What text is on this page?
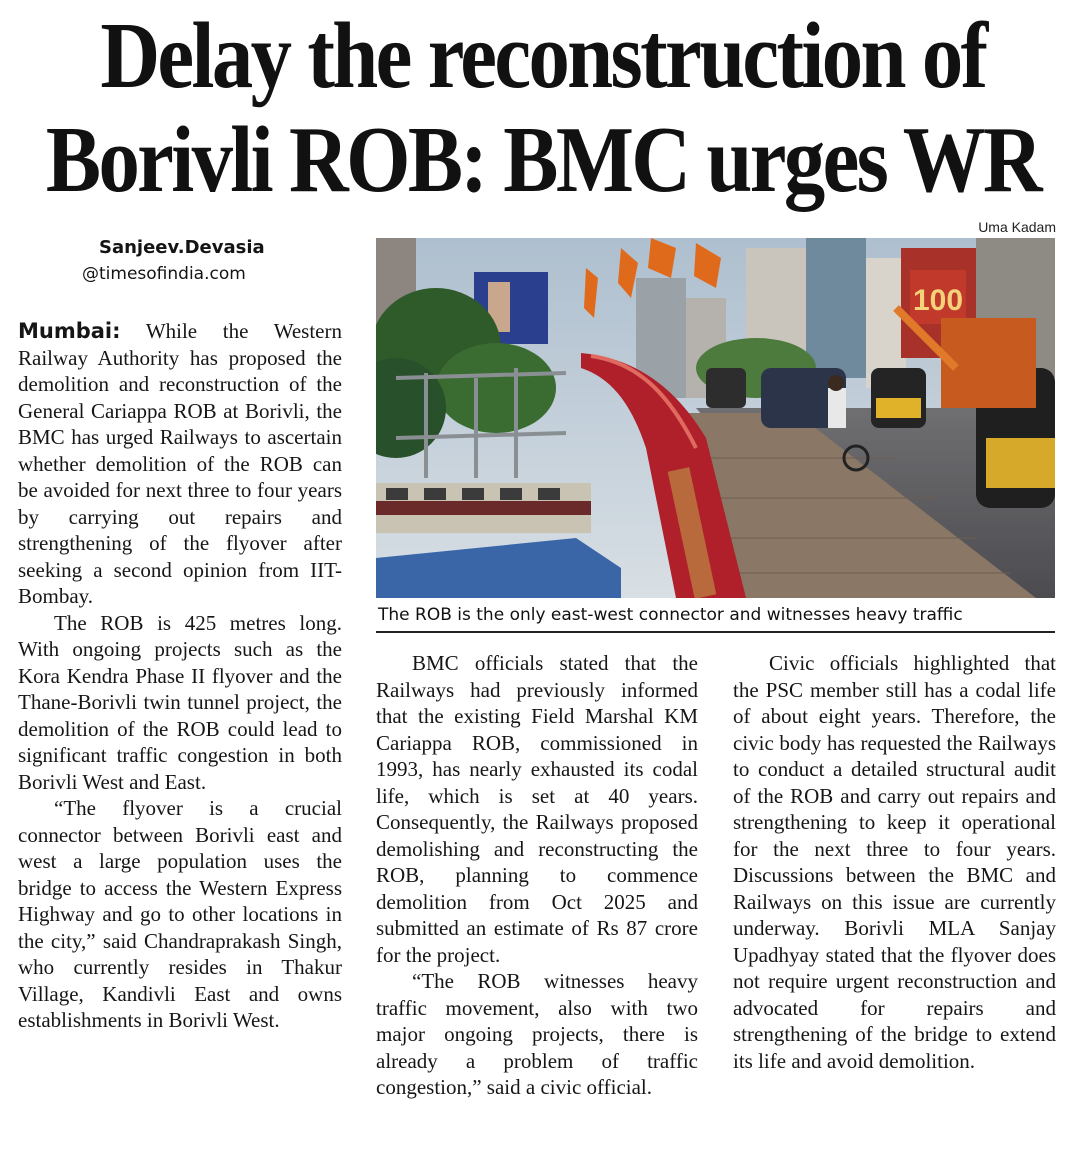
Delay the reconstruction of
Borivli ROB: BMC urges WR
Uma Kadam
Sanjeev.Devasia
@timesofindia.com
100
The ROB is the only east-west connector and witnesses heavy traffic

Mumbai: While the Western Railway Authority has proposed the demolition and reconstruction of the General Cariappa ROB at Borivli, the BMC has urged Railways to ascertain whether demolition of the ROB can be avoided for next three to four years by carrying out repairs and strengthening of the flyover after seeking a second opinion from IIT-Bombay.

The ROB is 425 metres long. With ongoing projects such as the Kora Kendra Phase II flyover and the Thane-Borivli twin tunnel project, the demolition of the ROB could lead to significant traffic congestion in both Borivli West and East.

“The flyover is a crucial connector between Borivli east and west a large population uses the bridge to access the Western Express Highway and go to other locations in the city,” said Chandraprakash Singh, who currently resides in Thakur Village, Kandivli East and owns establishments in Borivli West.

BMC officials stated that the Railways had previously informed that the existing Field Marshal KM Cariappa ROB, commissioned in 1993, has nearly exhausted its codal life, which is set at 40 years. Consequently, the Railways proposed demolishing and reconstructing the ROB, planning to commence demolition from Oct 2025 and submitted an estimate of Rs 87 crore for the project.

“The ROB witnesses heavy traffic movement, also with two major ongoing projects, there is already a problem of traffic congestion,” said a civic official.

Civic officials highlighted that the PSC member still has a codal life of about eight years. Therefore, the civic body has requested the Railways to conduct a detailed structural audit of the ROB and carry out repairs and strengthening to keep it operational for the next three to four years. Discussions between the BMC and Railways on this issue are currently underway. Borivli MLA Sanjay Upadhyay stated that the flyover does not require urgent reconstruction and advocated for repairs and strengthening of the bridge to extend its life and avoid demolition.
